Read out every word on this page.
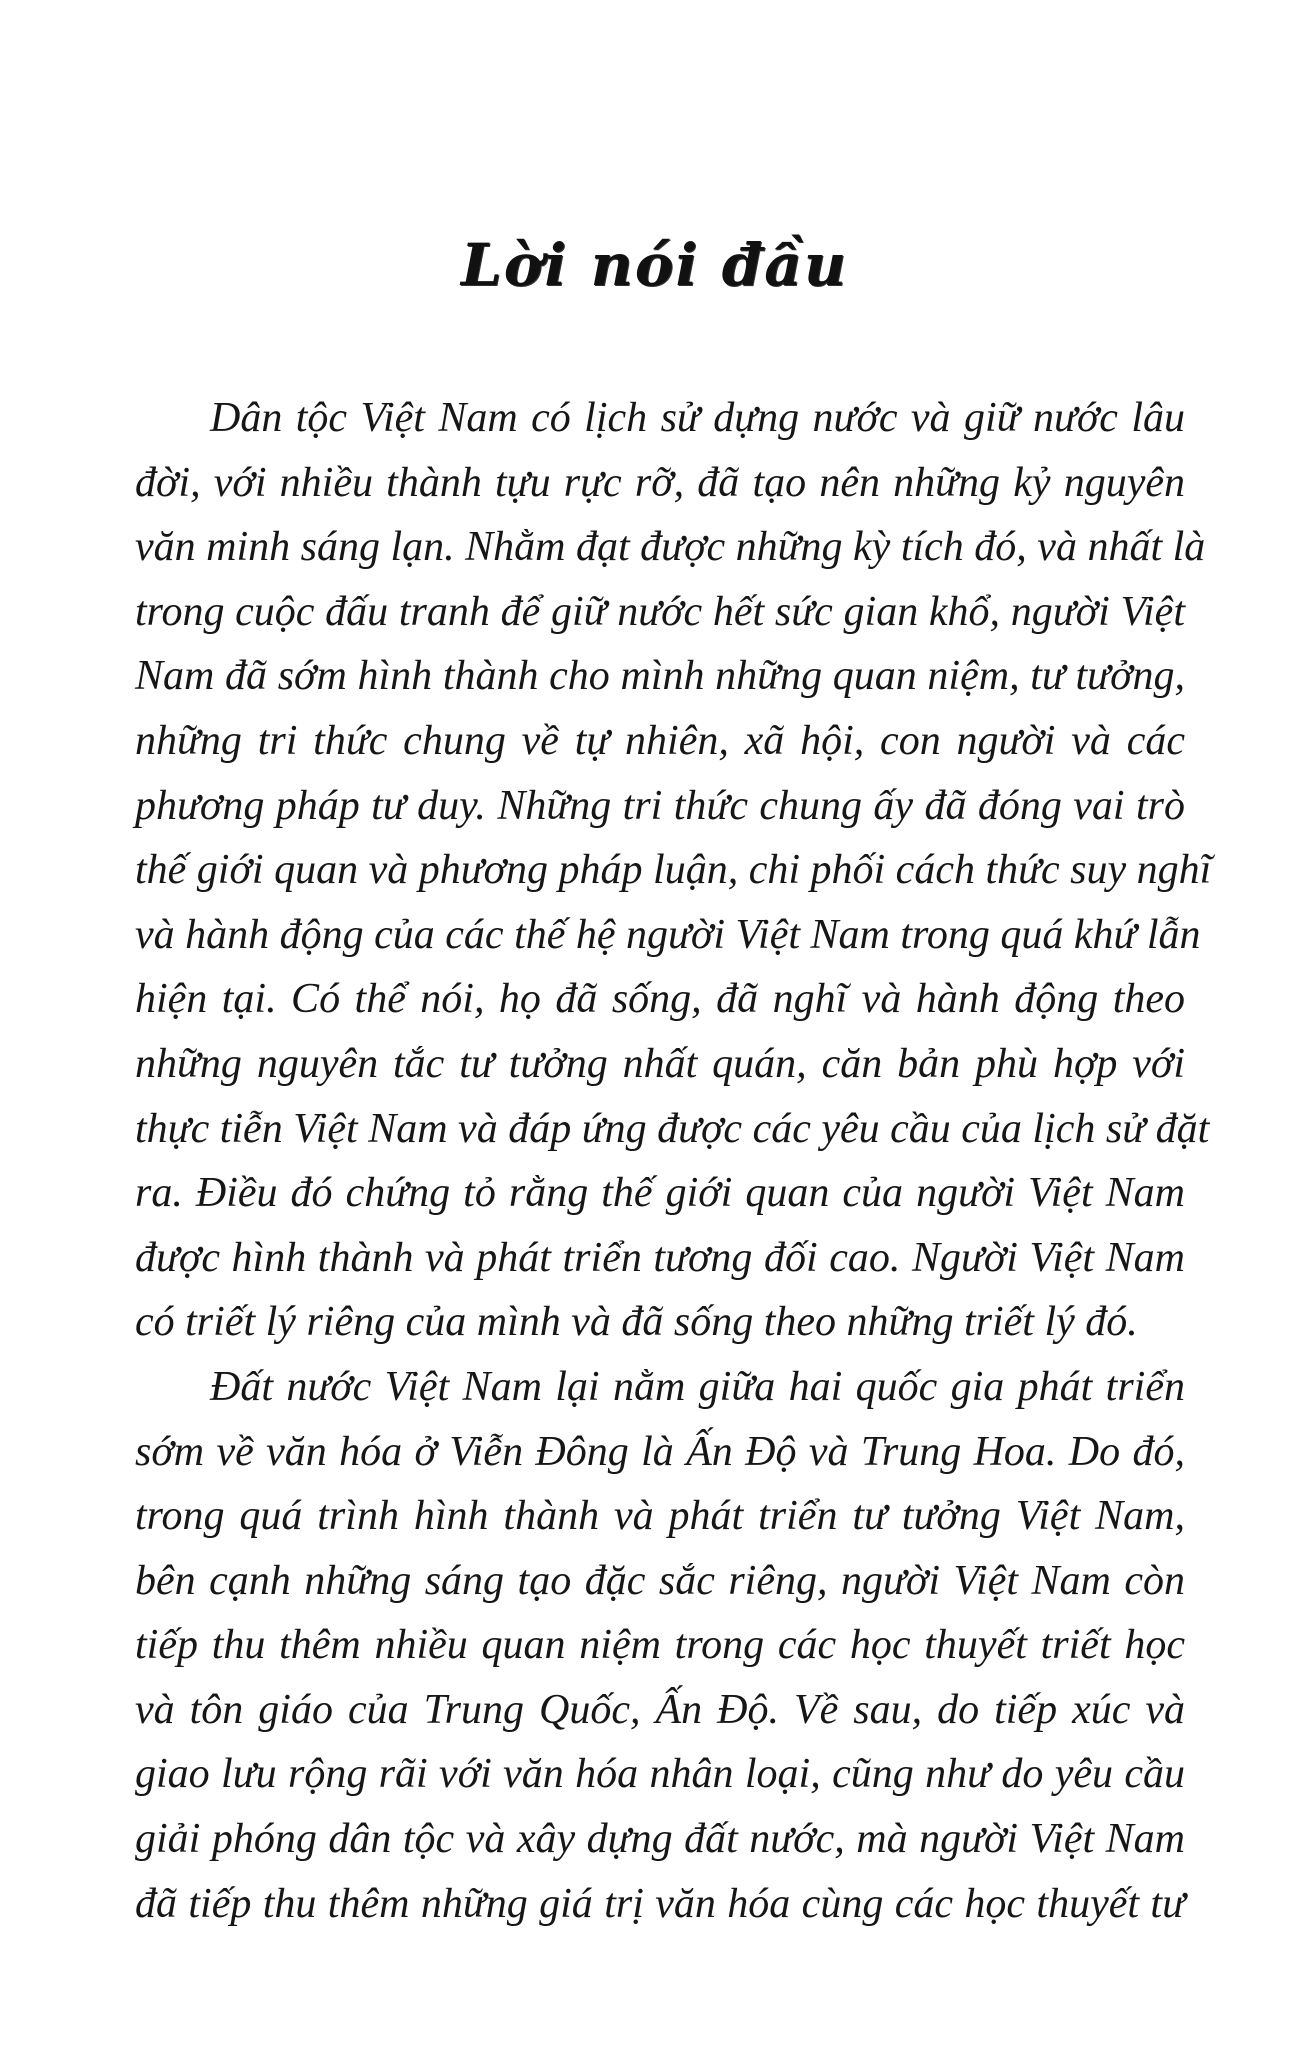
Lời nói đầu

Dân tộc Việt Nam có lịch sử dựng nước và giữ nước lâu
đời, với nhiều thành tựu rực rỡ, đã tạo nên những kỷ nguyên
văn minh sáng lạn. Nhằm đạt được những kỳ tích đó, và nhất là
trong cuộc đấu tranh để giữ nước hết sức gian khổ, người Việt
Nam đã sớm hình thành cho mình những quan niệm, tư tưởng,
những tri thức chung về tự nhiên, xã hội, con người và các
phương pháp tư duy. Những tri thức chung ấy đã đóng vai trò
thế giới quan và phương pháp luận, chi phối cách thức suy nghĩ
và hành động của các thế hệ người Việt Nam trong quá khứ lẫn
hiện tại. Có thể nói, họ đã sống, đã nghĩ và hành động theo
những nguyên tắc tư tưởng nhất quán, căn bản phù hợp với
thực tiễn Việt Nam và đáp ứng được các yêu cầu của lịch sử đặt
ra. Điều đó chứng tỏ rằng thế giới quan của người Việt Nam
được hình thành và phát triển tương đối cao. Người Việt Nam
có triết lý riêng của mình và đã sống theo những triết lý đó.

Đất nước Việt Nam lại nằm giữa hai quốc gia phát triển
sớm về văn hóa ở Viễn Đông là Ấn Độ và Trung Hoa. Do đó,
trong quá trình hình thành và phát triển tư tưởng Việt Nam,
bên cạnh những sáng tạo đặc sắc riêng, người Việt Nam còn
tiếp thu thêm nhiều quan niệm trong các học thuyết triết học
và tôn giáo của Trung Quốc, Ấn Độ. Về sau, do tiếp xúc và
giao lưu rộng rãi với văn hóa nhân loại, cũng như do yêu cầu
giải phóng dân tộc và xây dựng đất nước, mà người Việt Nam
đã tiếp thu thêm những giá trị văn hóa cùng các học thuyết tư
